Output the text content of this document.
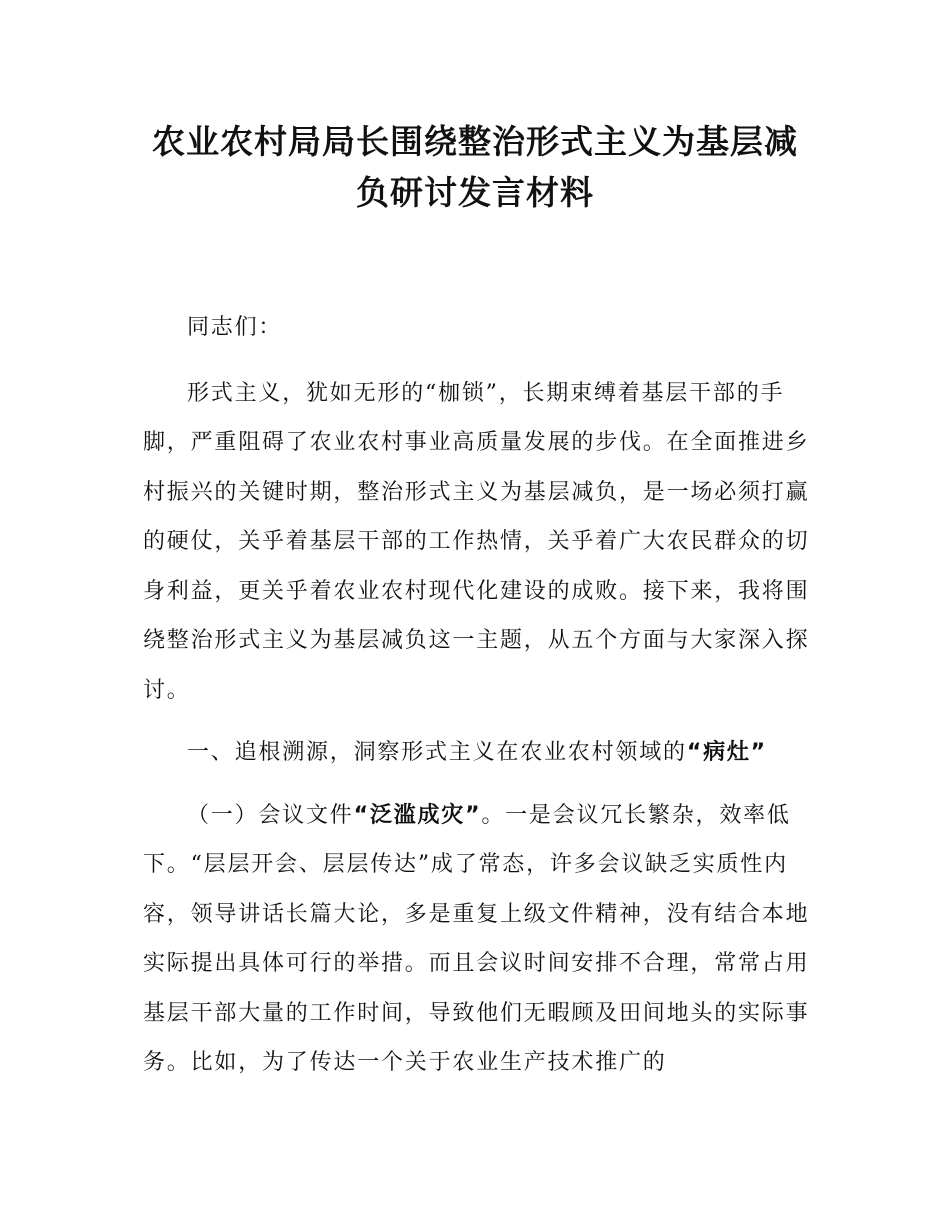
农业农村局局长围绕整治形式主义为基层减
负研讨发言材料

同志们：

形式主义，犹如无形的“枷锁”，长期束缚着基层干部的手脚，严重阻碍了农业农村事业高质量发展的步伐。在全面推进乡村振兴的关键时期，整治形式主义为基层减负，是一场必须打赢的硬仗，关乎着基层干部的工作热情，关乎着广大农民群众的切身利益，更关乎着农业农村现代化建设的成败。接下来，我将围绕整治形式主义为基层减负这一主题，从五个方面与大家深入探讨。

一、追根溯源，洞察形式主义在农业农村领域的“病灶”

（一）会议文件“泛滥成灾”。一是会议冗长繁杂，效率低下。“层层开会、层层传达”成了常态，许多会议缺乏实质性内容，领导讲话长篇大论，多是重复上级文件精神，没有结合本地实际提出具体可行的举措。而且会议时间安排不合理，常常占用基层干部大量的工作时间，导致他们无暇顾及田间地头的实际事务。比如，为了传达一个关于农业生产技术推广的
